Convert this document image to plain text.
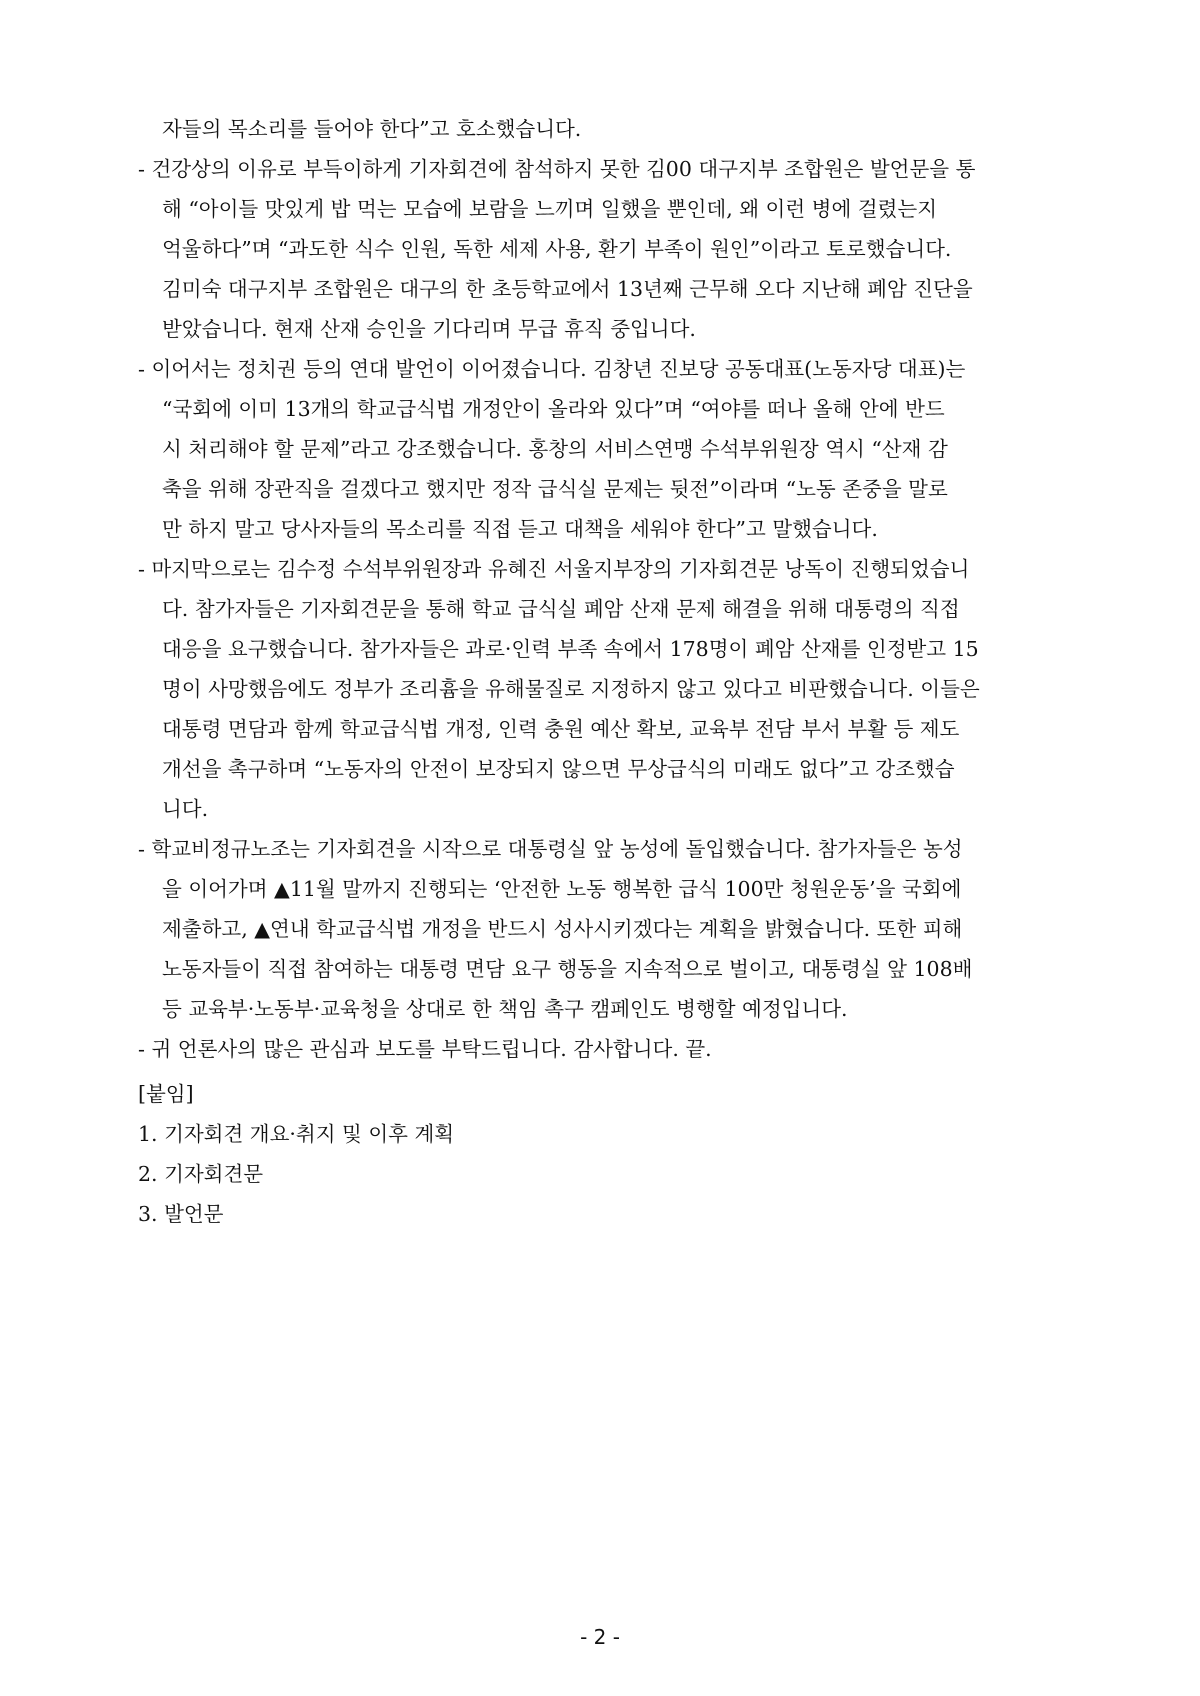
자들의 목소리를 들어야 한다”고 호소했습니다.
- 건강상의 이유로 부득이하게 기자회견에 참석하지 못한 김00 대구지부 조합원은 발언문을 통
해 “아이들 맛있게 밥 먹는 모습에 보람을 느끼며 일했을 뿐인데, 왜 이런 병에 걸렸는지
억울하다”며 “과도한 식수 인원, 독한 세제 사용, 환기 부족이 원인”이라고 토로했습니다.
김미숙 대구지부 조합원은 대구의 한 초등학교에서 13년째 근무해 오다 지난해 폐암 진단을
받았습니다. 현재 산재 승인을 기다리며 무급 휴직 중입니다.
- 이어서는 정치권 등의 연대 발언이 이어졌습니다. 김창년 진보당 공동대표(노동자당 대표)는
“국회에 이미 13개의 학교급식법 개정안이 올라와 있다”며 “여야를 떠나 올해 안에 반드
시 처리해야 할 문제”라고 강조했습니다. 홍창의 서비스연맹 수석부위원장 역시 “산재 감
축을 위해 장관직을 걸겠다고 했지만 정작 급식실 문제는 뒷전”이라며 “노동 존중을 말로
만 하지 말고 당사자들의 목소리를 직접 듣고 대책을 세워야 한다”고 말했습니다.
- 마지막으로는 김수정 수석부위원장과 유혜진 서울지부장의 기자회견문 낭독이 진행되었습니
다. 참가자들은 기자회견문을 통해 학교 급식실 폐암 산재 문제 해결을 위해 대통령의 직접
대응을 요구했습니다. 참가자들은 과로·인력 부족 속에서 178명이 폐암 산재를 인정받고 15
명이 사망했음에도 정부가 조리흄을 유해물질로 지정하지 않고 있다고 비판했습니다. 이들은
대통령 면담과 함께 학교급식법 개정, 인력 충원 예산 확보, 교육부 전담 부서 부활 등 제도
개선을 촉구하며 “노동자의 안전이 보장되지 않으면 무상급식의 미래도 없다”고 강조했습
니다.
- 학교비정규노조는 기자회견을 시작으로 대통령실 앞 농성에 돌입했습니다. 참가자들은 농성
을 이어가며 ▲11월 말까지 진행되는 ‘안전한 노동 행복한 급식 100만 청원운동’을 국회에
제출하고, ▲연내 학교급식법 개정을 반드시 성사시키겠다는 계획을 밝혔습니다. 또한 피해
노동자들이 직접 참여하는 대통령 면담 요구 행동을 지속적으로 벌이고, 대통령실 앞 108배
등 교육부·노동부·교육청을 상대로 한 책임 촉구 캠페인도 병행할 예정입니다.
- 귀 언론사의 많은 관심과 보도를 부탁드립니다. 감사합니다. 끝.
[붙임]
1. 기자회견 개요·취지 및 이후 계획
2. 기자회견문
3. 발언문
- 2 -
